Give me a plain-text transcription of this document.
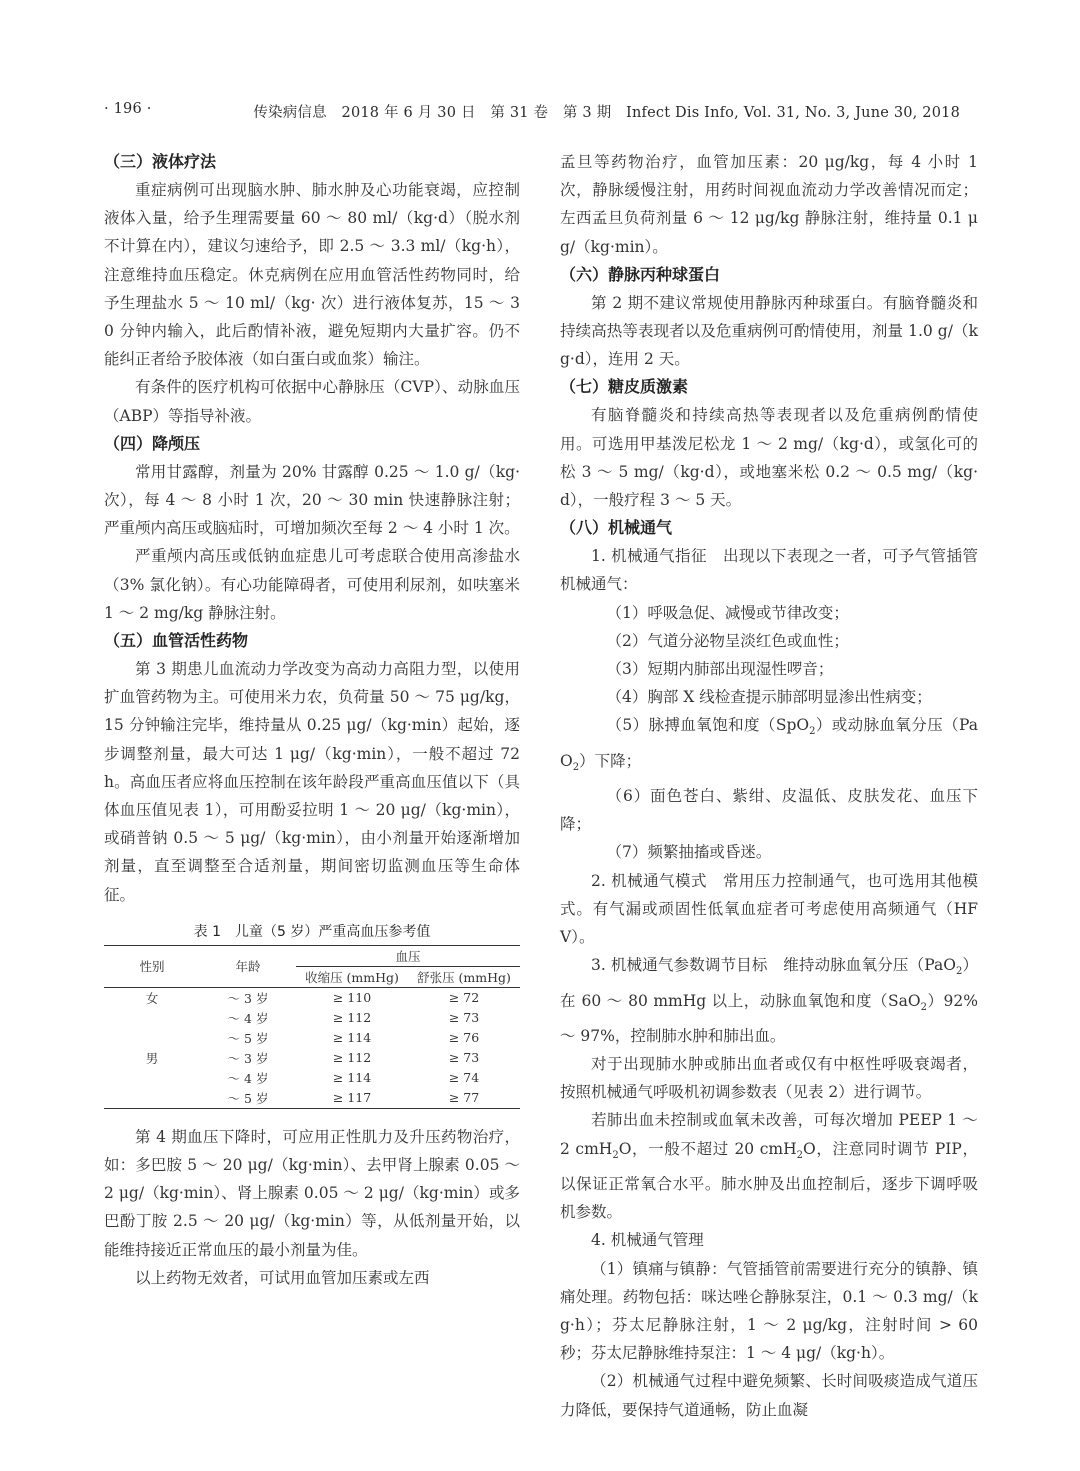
· 196 ·	传染病信息　2018 年 6 月 30 日　第 31 卷　第 3 期　Infect Dis Info, Vol. 31, No. 3, June 30, 2018
（三）液体疗法

重症病例可出现脑水肿、肺水肿及心功能衰竭，应控制液体入量，给予生理需要量 60 ～ 80 ml/（kg·d）（脱水剂不计算在内），建议匀速给予，即 2.5 ～ 3.3 ml/（kg·h），注意维持血压稳定。休克病例在应用血管活性药物同时，给予生理盐水 5 ～ 10 ml/（kg· 次）进行液体复苏，15 ～ 30 分钟内输入，此后酌情补液，避免短期内大量扩容。仍不能纠正者给予胶体液（如白蛋白或血浆）输注。

有条件的医疗机构可依据中心静脉压（CVP）、动脉血压（ABP）等指导补液。

（四）降颅压

常用甘露醇，剂量为 20% 甘露醇 0.25 ～ 1.0 g/（kg· 次），每 4 ～ 8 小时 1 次，20 ～ 30 min 快速静脉注射；严重颅内高压或脑疝时，可增加频次至每 2 ～ 4 小时 1 次。

严重颅内高压或低钠血症患儿可考虑联合使用高渗盐水（3% 氯化钠）。有心功能障碍者，可使用利尿剂，如呋塞米 1 ～ 2 mg/kg 静脉注射。

（五）血管活性药物

第 3 期患儿血流动力学改变为高动力高阻力型，以使用扩血管药物为主。可使用米力农，负荷量 50 ～ 75 μg/kg，15 分钟输注完毕，维持量从 0.25 μg/（kg·min）起始，逐步调整剂量，最大可达 1 μg/（kg·min），一般不超过 72 h。高血压者应将血压控制在该年龄段严重高血压值以下（具体血压值见表 1），可用酚妥拉明 1 ～ 20 μg/（kg·min），或硝普钠 0.5 ～ 5 μg/（kg·min），由小剂量开始逐渐增加剂量，直至调整至合适剂量，期间密切监测血压等生命体征。

表 1　儿童（5 岁）严重高血压参考值
性别	年龄	血压	
		收缩压 (mmHg)	舒张压 (mmHg)
女	～ 3 岁	≥ 110	≥ 72
	～ 4 岁	≥ 112	≥ 73
	～ 5 岁	≥ 114	≥ 76
男	～ 3 岁	≥ 112	≥ 73
	～ 4 岁	≥ 114	≥ 74
	～ 5 岁	≥ 117	≥ 77

第 4 期血压下降时，可应用正性肌力及升压药物治疗，如：多巴胺 5 ～ 20 μg/（kg·min）、去甲肾上腺素 0.05 ～ 2 μg/（kg·min）、肾上腺素 0.05 ～ 2 μg/（kg·min）或多巴酚丁胺 2.5 ～ 20 μg/（kg·min）等，从低剂量开始，以能维持接近正常血压的最小剂量为佳。

以上药物无效者，可试用血管加压素或左西

孟旦等药物治疗，血管加压素：20 μg/kg，每 4 小时 1 次，静脉缓慢注射，用药时间视血流动力学改善情况而定；左西孟旦负荷剂量 6 ～ 12 μg/kg 静脉注射，维持量 0.1 μg/（kg·min）。

（六）静脉丙种球蛋白

第 2 期不建议常规使用静脉丙种球蛋白。有脑脊髓炎和持续高热等表现者以及危重病例可酌情使用，剂量 1.0 g/（kg·d），连用 2 天。

（七）糖皮质激素

有脑脊髓炎和持续高热等表现者以及危重病例酌情使用。可选用甲基泼尼松龙 1 ～ 2 mg/（kg·d），或氢化可的松 3 ～ 5 mg/（kg·d），或地塞米松 0.2 ～ 0.5 mg/（kg·d），一般疗程 3 ～ 5 天。

（八）机械通气

1. 机械通气指征　出现以下表现之一者，可予气管插管机械通气：

（1）呼吸急促、减慢或节律改变；

（2）气道分泌物呈淡红色或血性；

（3）短期内肺部出现湿性啰音；

（4）胸部 X 线检查提示肺部明显渗出性病变；

（5）脉搏血氧饱和度（SpO$_2$）或动脉血氧分压（PaO$_2$）下降；

（6）面色苍白、紫绀、皮温低、皮肤发花、血压下降；

（7）频繁抽搐或昏迷。

2. 机械通气模式　常用压力控制通气，也可选用其他模式。有气漏或顽固性低氧血症者可考虑使用高频通气（HFV）。

3. 机械通气参数调节目标　维持动脉血氧分压（PaO$_2$）在 60 ～ 80 mmHg 以上，动脉血氧饱和度（SaO$_2$）92% ～ 97%，控制肺水肿和肺出血。

对于出现肺水肿或肺出血者或仅有中枢性呼吸衰竭者，按照机械通气呼吸机初调参数表（见表 2）进行调节。

若肺出血未控制或血氧未改善，可每次增加 PEEP 1 ～ 2 cmH$_2$O，一般不超过 20 cmH$_2$O，注意同时调节 PIP，以保证正常氧合水平。肺水肿及出血控制后，逐步下调呼吸机参数。

4. 机械通气管理

（1）镇痛与镇静：气管插管前需要进行充分的镇静、镇痛处理。药物包括：咪达唑仑静脉泵注，0.1 ～ 0.3 mg/（kg·h）；芬太尼静脉注射，1 ～ 2 μg/kg，注射时间 > 60 秒；芬太尼静脉维持泵注：1 ～ 4 μg/（kg·h）。

（2）机械通气过程中避免频繁、长时间吸痰造成气道压力降低，要保持气道通畅，防止血凝
